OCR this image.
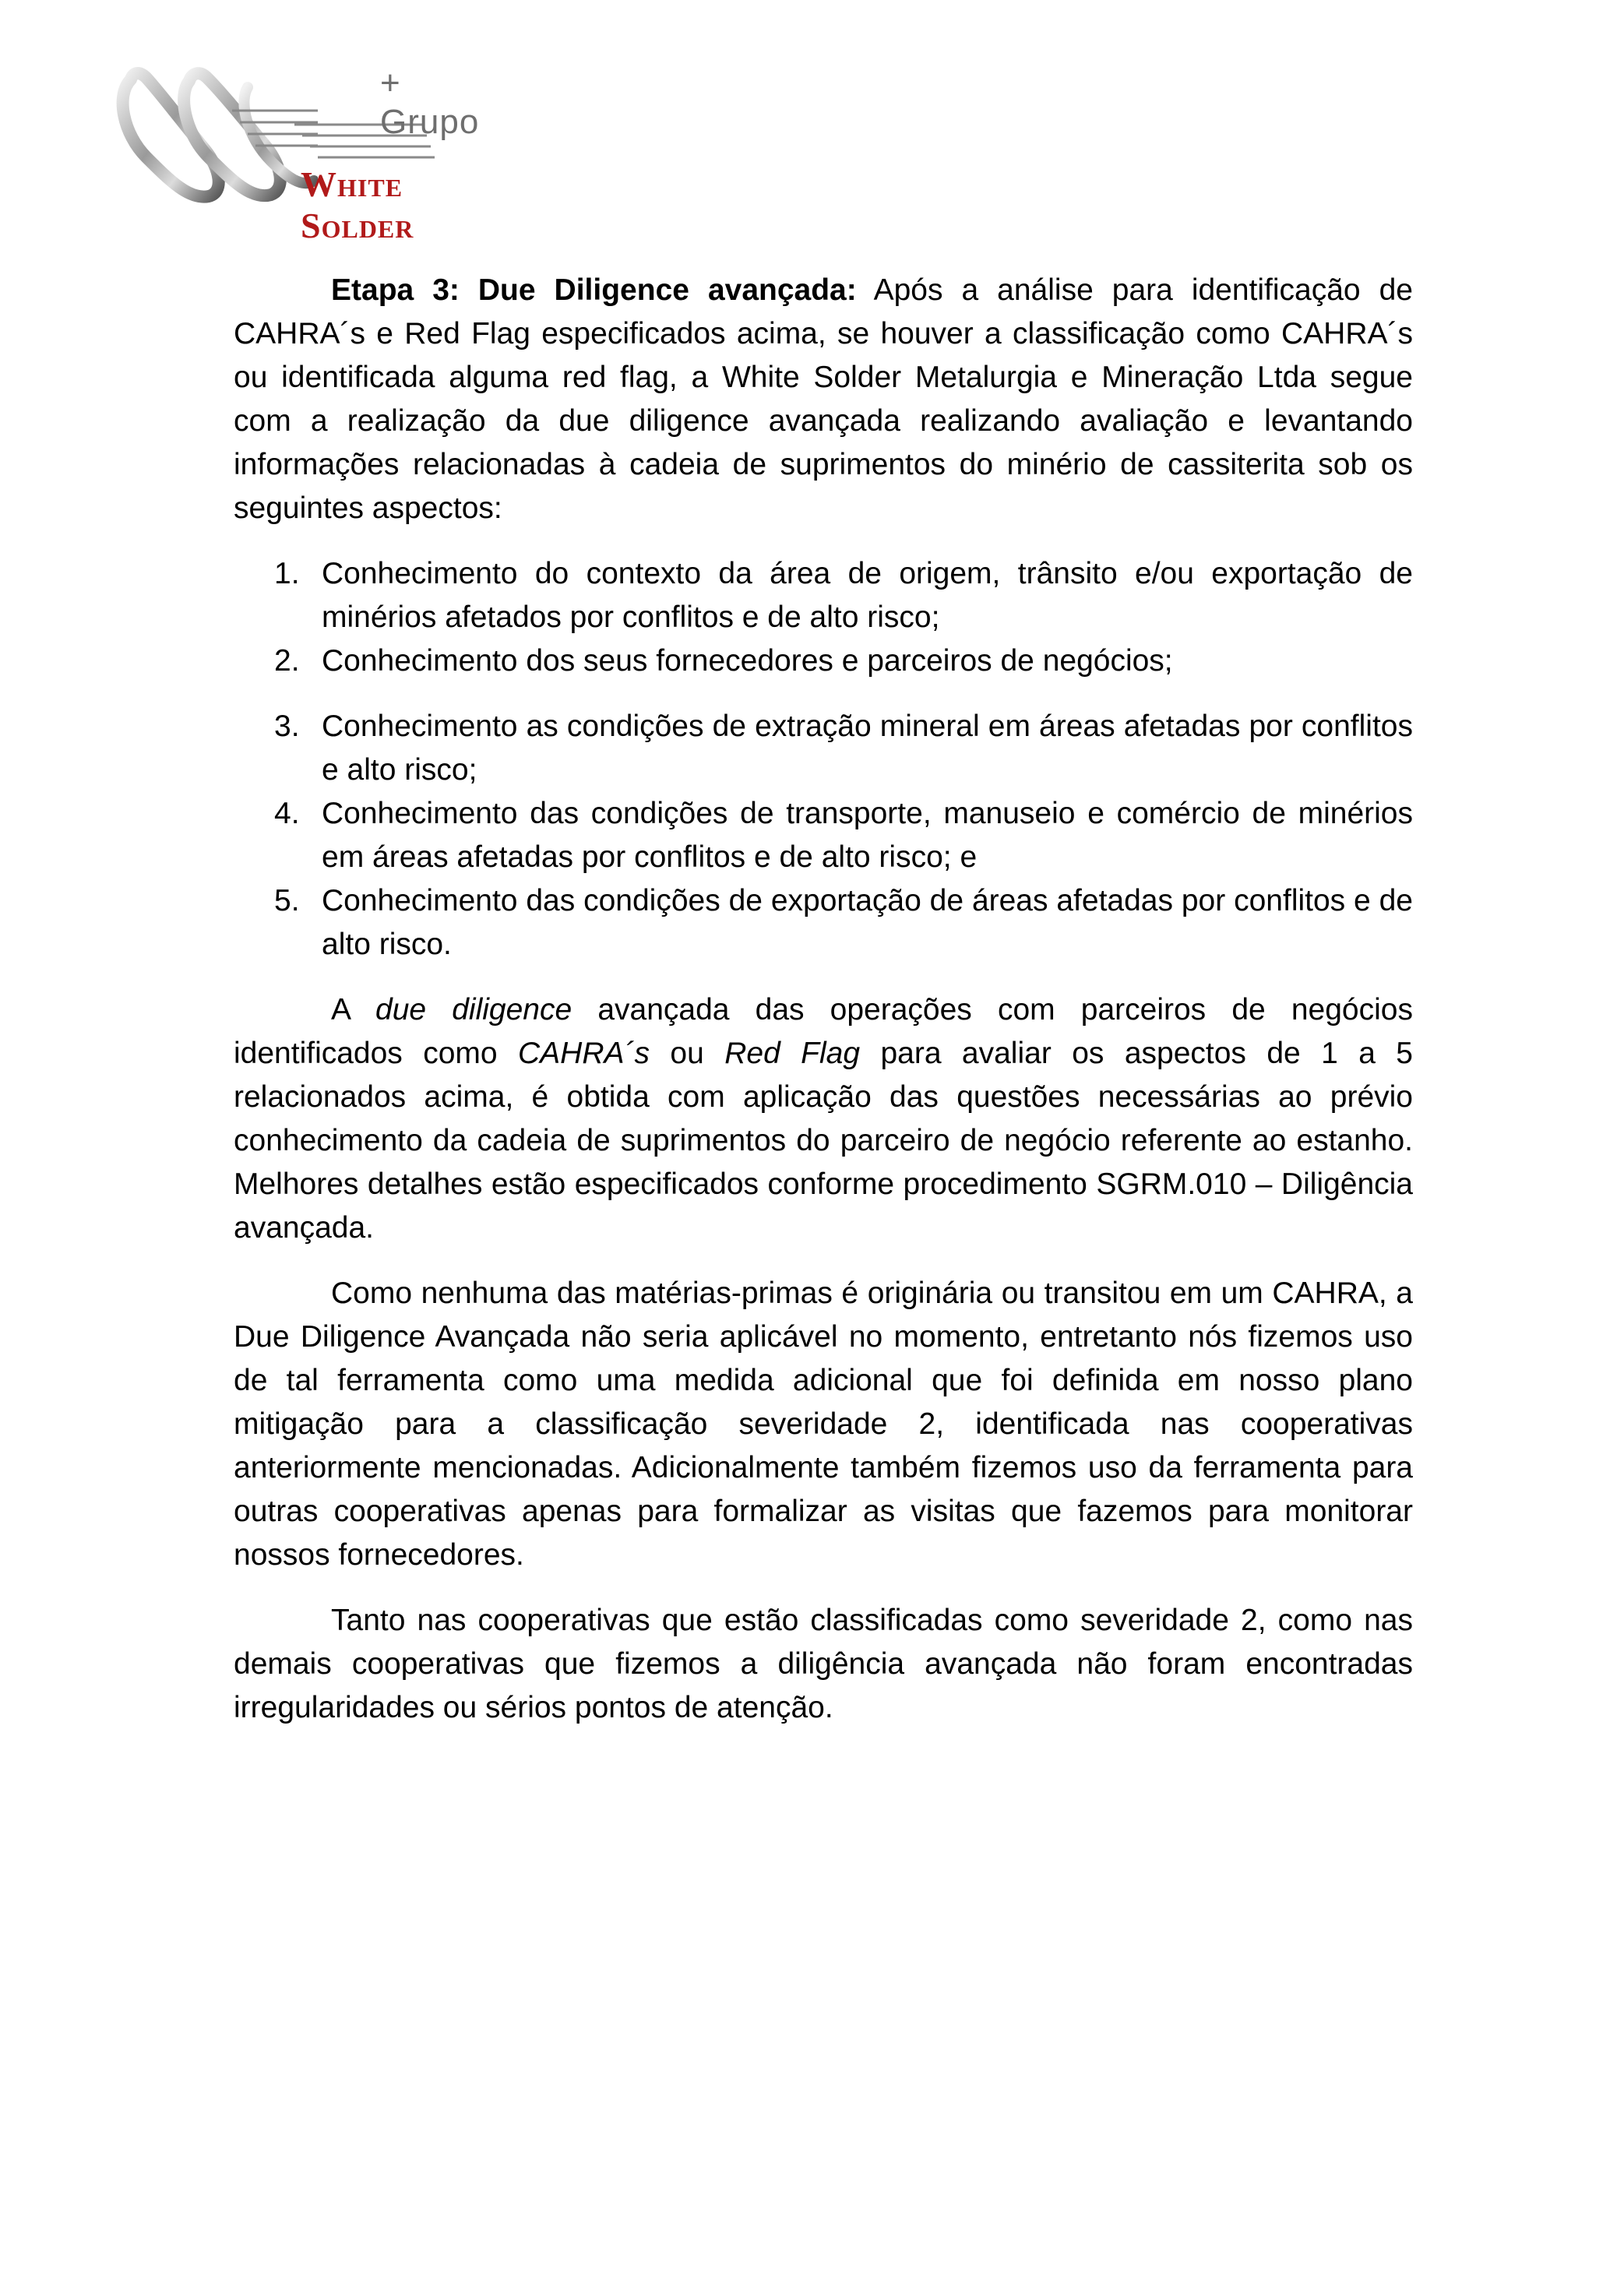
+ Grupo
White Solder

Etapa 3: Due Diligence avançada: Após a análise para identificação de CAHRA´s e Red Flag especificados acima, se houver a classificação como CAHRA´s ou identificada alguma red flag, a White Solder Metalurgia e Mineração Ltda segue com a realização da due diligence avançada realizando avaliação e levantando informações relacionadas à cadeia de suprimentos do minério de cassiterita sob os seguintes aspectos:

1. Conhecimento do contexto da área de origem, trânsito e/ou exportação de minérios afetados por conflitos e de alto risco;
2. Conhecimento dos seus fornecedores e parceiros de negócios;
3. Conhecimento as condições de extração mineral em áreas afetadas por conflitos e alto risco;
4. Conhecimento das condições de transporte, manuseio e comércio de minérios em áreas afetadas por conflitos e de alto risco; e
5. Conhecimento das condições de exportação de áreas afetadas por conflitos e de alto risco.

A due diligence avançada das operações com parceiros de negócios identificados como CAHRA´s ou Red Flag para avaliar os aspectos de 1 a 5 relacionados acima, é obtida com aplicação das questões necessárias ao prévio conhecimento da cadeia de suprimentos do parceiro de negócio referente ao estanho. Melhores detalhes estão especificados conforme procedimento SGRM.010 – Diligência avançada.

Como nenhuma das matérias-primas é originária ou transitou em um CAHRA, a Due Diligence Avançada não seria aplicável no momento, entretanto nós fizemos uso de tal ferramenta como uma medida adicional que foi definida em nosso plano mitigação para a classificação severidade 2, identificada nas cooperativas anteriormente mencionadas. Adicionalmente também fizemos uso da ferramenta para outras cooperativas apenas para formalizar as visitas que fazemos para monitorar nossos fornecedores.

Tanto nas cooperativas que estão classificadas como severidade 2, como nas demais cooperativas que fizemos a diligência avançada não foram encontradas irregularidades ou sérios pontos de atenção.
